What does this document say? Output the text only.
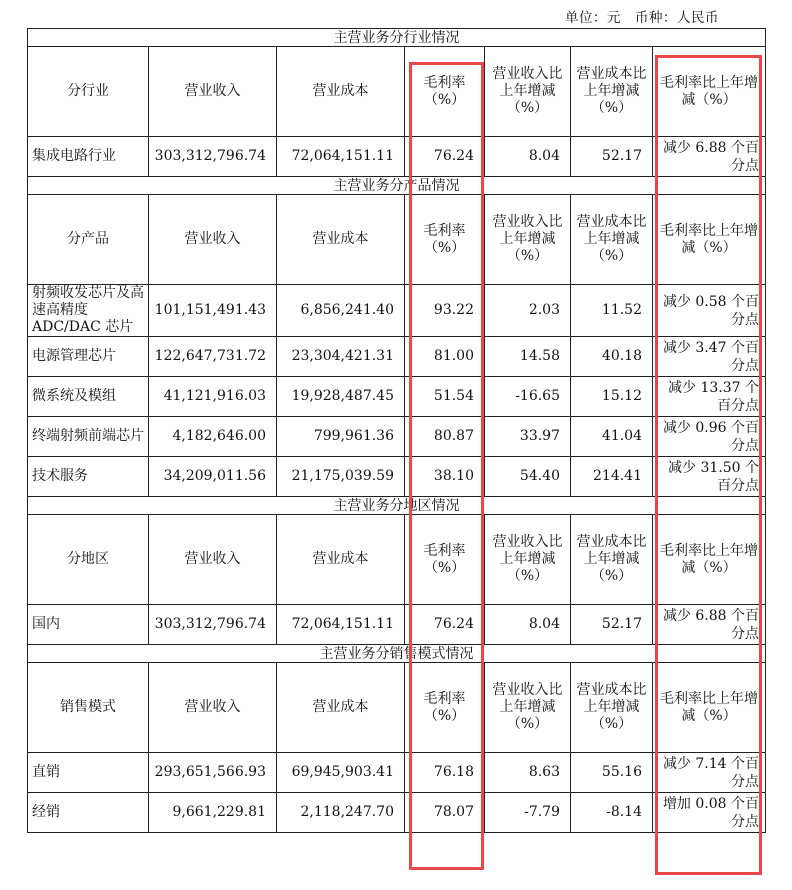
单位：元　币种：人民币
主营业务分行业情况						
分行业	营业收入	营业成本	毛利率（%）	营业收入比上年增减（%）	营业成本比上年增减（%）	毛利率比上年增减（%）
集成电路行业	303,312,796.74	72,064,151.11	76.24	8.04	52.17	减少 6.88 个百分点
主营业务分产品情况						
分产品	营业收入	营业成本	毛利率（%）	营业收入比上年增减（%）	营业成本比上年增减（%）	毛利率比上年增减（%）
射频收发芯片及高速高精度ADC/DAC 芯片	101,151,491.43	6,856,241.40	93.22	2.03	11.52	减少 0.58 个百分点
电源管理芯片	122,647,731.72	23,304,421.31	81.00	14.58	40.18	减少 3.47 个百分点
微系统及模组	41,121,916.03	19,928,487.45	51.54	-16.65	15.12	减少 13.37 个百分点
终端射频前端芯片	4,182,646.00	799,961.36	80.87	33.97	41.04	减少 0.96 个百分点
技术服务	34,209,011.56	21,175,039.59	38.10	54.40	214.41	减少 31.50 个百分点
主营业务分地区情况						
分地区	营业收入	营业成本	毛利率（%）	营业收入比上年增减（%）	营业成本比上年增减（%）	毛利率比上年增减（%）
国内	303,312,796.74	72,064,151.11	76.24	8.04	52.17	减少 6.88 个百分点
主营业务分销售模式情况						
销售模式	营业收入	营业成本	毛利率（%）	营业收入比上年增减（%）	营业成本比上年增减（%）	毛利率比上年增减（%）
直销	293,651,566.93	69,945,903.41	76.18	8.63	55.16	减少 7.14 个百分点
经销	9,661,229.81	2,118,247.70	78.07	-7.79	-8.14	增加 0.08 个百分点
